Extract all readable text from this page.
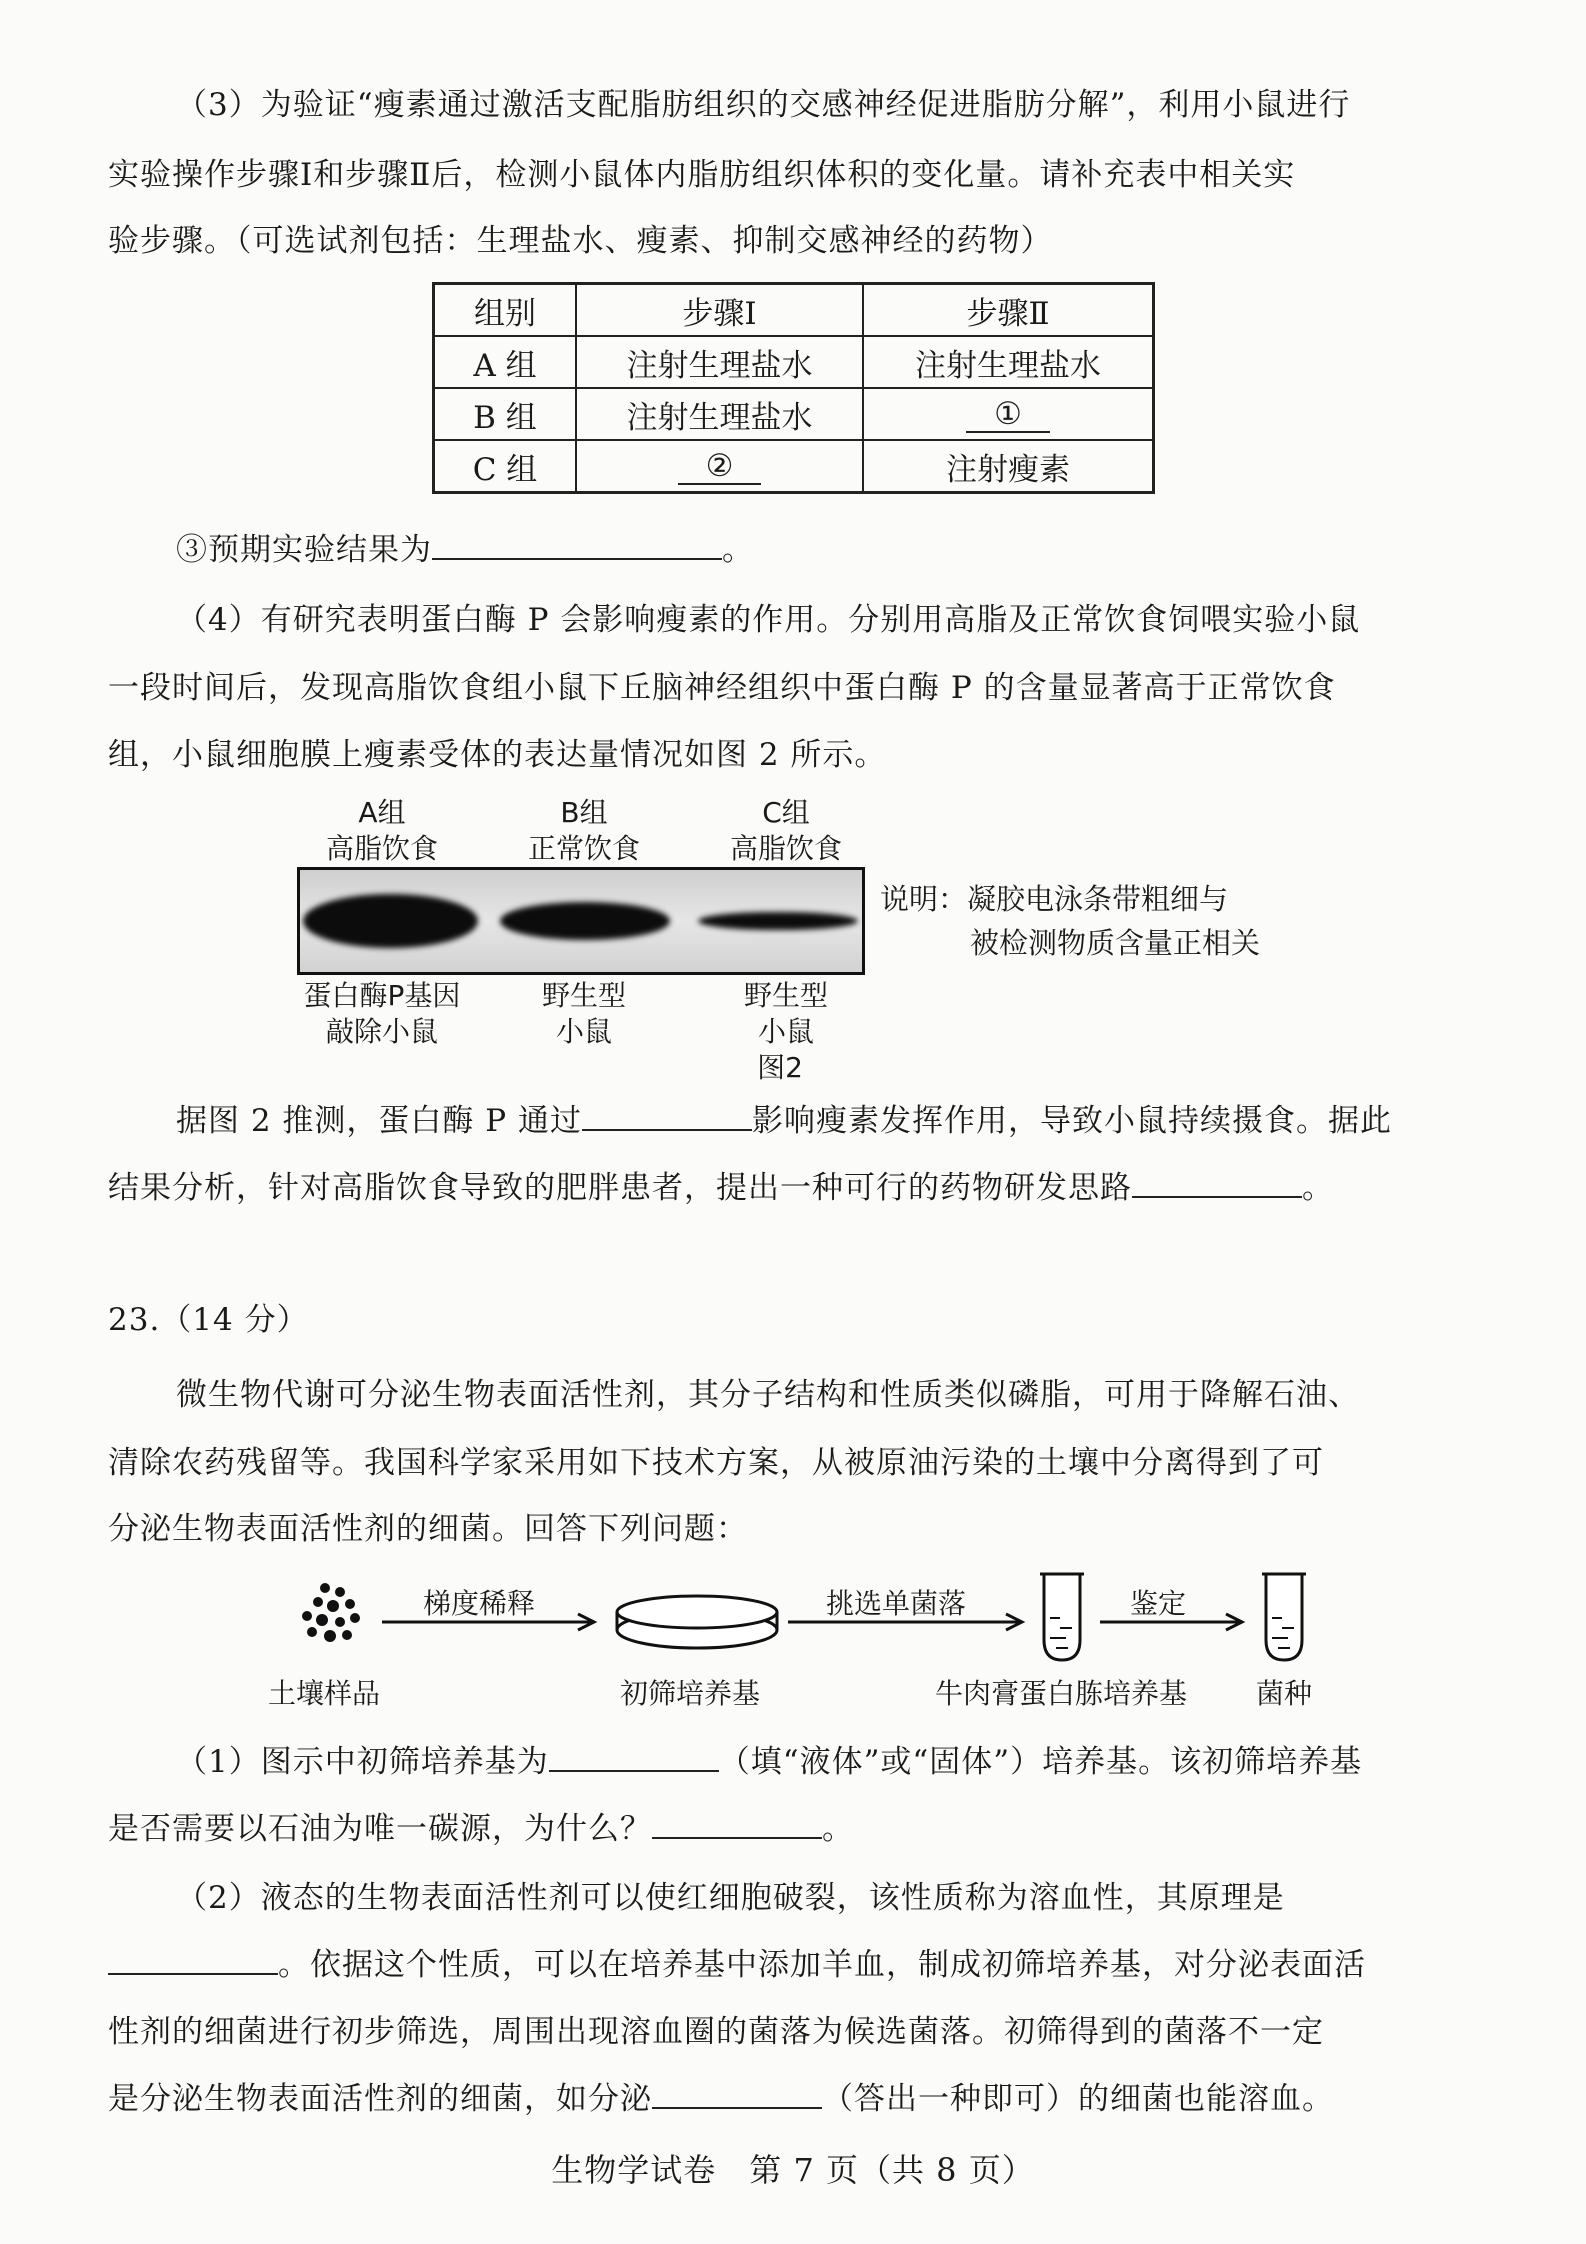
（3）为验证“瘦素通过激活支配脂肪组织的交感神经促进脂肪分解”，利用小鼠进行

实验操作步骤Ⅰ和步骤Ⅱ后，检测小鼠体内脂肪组织体积的变化量。请补充表中相关实

验步骤。（可选试剂包括：生理盐水、瘦素、抑制交感神经的药物）

组别	步骤Ⅰ	步骤Ⅱ
A 组	注射生理盐水	注射生理盐水
B 组	注射生理盐水	①
C 组	②	注射瘦素

③预期实验结果为	。

（4）有研究表明蛋白酶 P 会影响瘦素的作用。分别用高脂及正常饮食饲喂实验小鼠

一段时间后，发现高脂饮食组小鼠下丘脑神经组织中蛋白酶 P 的含量显著高于正常饮食

组，小鼠细胞膜上瘦素受体的表达量情况如图 2 所示。

A组
高脂饮食
B组
正常饮食
C组
高脂饮食
说明：凝胶电泳条带粗细与
被检测物质含量正相关
蛋白酶P基因
敲除小鼠
野生型
小鼠
野生型
小鼠
图2

据图 2 推测，蛋白酶 P 通过	影响瘦素发挥作用，导致小鼠持续摄食。据此

结果分析，针对高脂饮食导致的肥胖患者，提出一种可行的药物研发思路	。

23.（14 分）

微生物代谢可分泌生物表面活性剂，其分子结构和性质类似磷脂，可用于降解石油、

清除农药残留等。我国科学家采用如下技术方案，从被原油污染的土壤中分离得到了可

分泌生物表面活性剂的细菌。回答下列问题：

梯度稀释	挑选单菌落	鉴定
土壤样品	初筛培养基	牛肉膏蛋白胨培养基 菌种

（1）图示中初筛培养基为	（填“液体”或“固体”）培养基。该初筛培养基

是否需要以石油为唯一碳源，为什么？	。

（2）液态的生物表面活性剂可以使红细胞破裂，该性质称为溶血性，其原理是

。依据这个性质，可以在培养基中添加羊血，制成初筛培养基，对分泌表面活

性剂的细菌进行初步筛选，周围出现溶血圈的菌落为候选菌落。初筛得到的菌落不一定

是分泌生物表面活性剂的细菌，如分泌	（答出一种即可）的细菌也能溶血。

生物学试卷　第 7 页（共 8 页）
